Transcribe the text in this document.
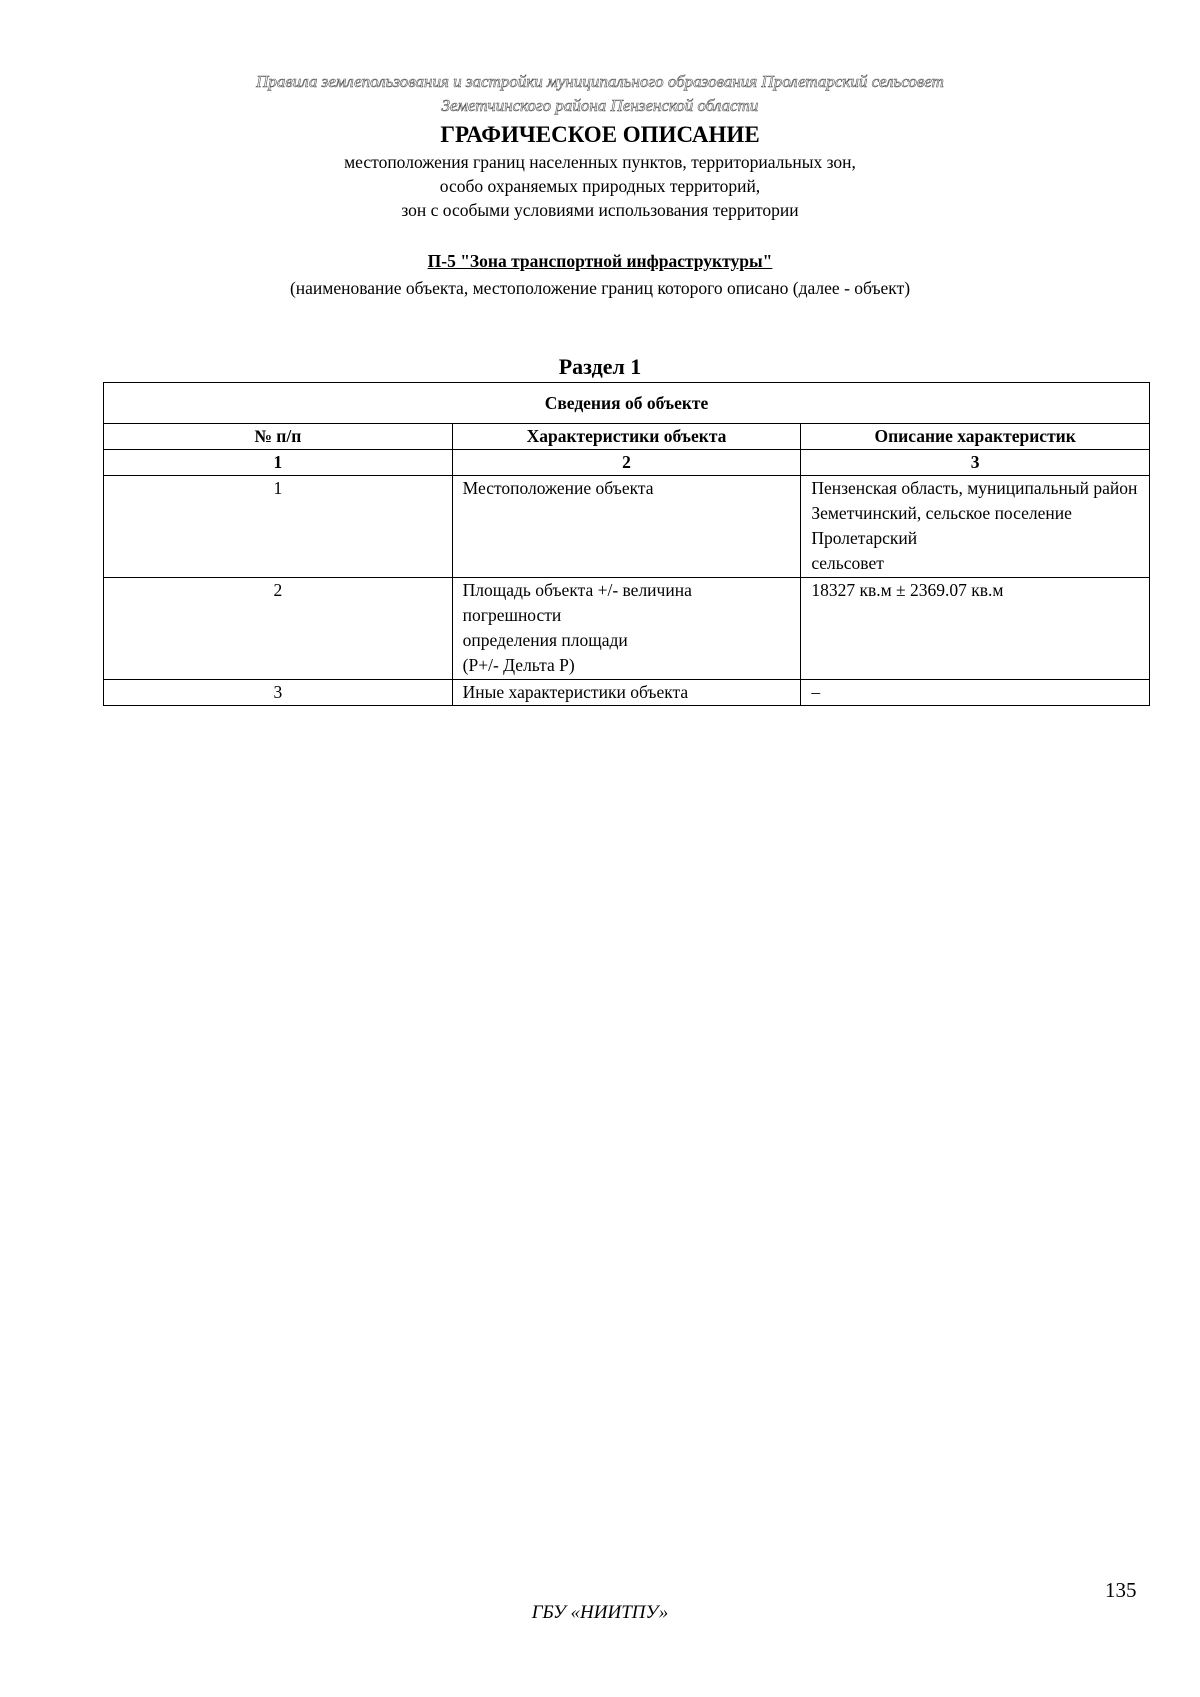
Правила землепользования и застройки муниципального образования Пролетарский сельсовет
Земетчинского района Пензенской области
ГРАФИЧЕСКОЕ ОПИСАНИЕ
местоположения границ населенных пунктов, территориальных зон,
особо охраняемых природных территорий,
зон с особыми условиями использования территории
П-5 "Зона транспортной инфраструктуры"
(наименование объекта, местоположение границ которого описано (далее - объект)
Раздел 1
Сведения об объекте		
№ п/п	Характеристики объекта	Описание характеристик
1	2	3
1	Местоположение объекта	Пензенская область, муниципальный район
Земетчинский, сельское поселение Пролетарский
сельсовет

2	Площадь объекта +/- величина погрешности
определения площади
(Р+/- Дельта Р)	18327 кв.м ± 2369.07 кв.м

3	Иные характеристики объекта	–
135
ГБУ «НИИТПУ»
